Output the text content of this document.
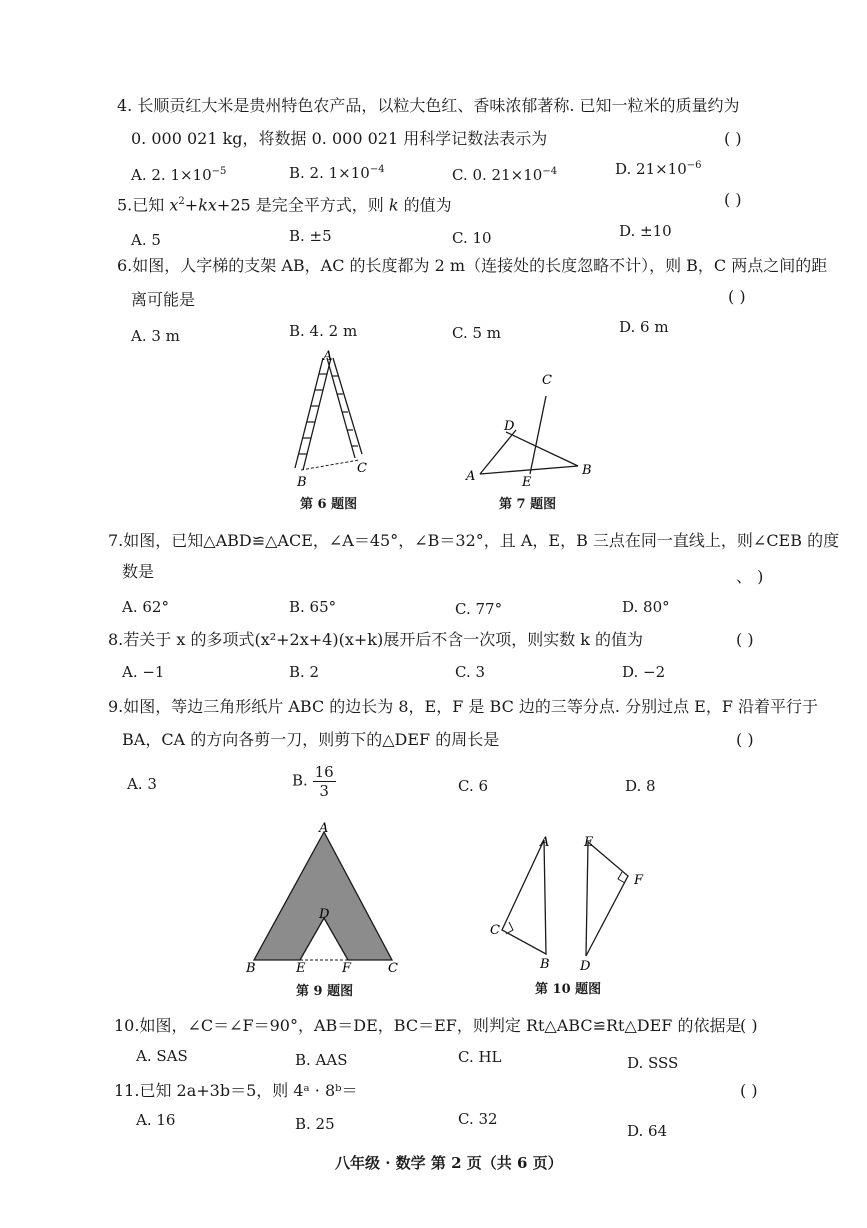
4. 长顺贡红大米是贵州特色农产品，以粒大色红、香味浓郁著称. 已知一粒米的质量约为
0. 000 021 kg，将数据 0. 000 021 用科学记数法表示为	( )
A. 2. $1\times 10^{-5}$	B. 2. $1\times 10^{-4}$	C. 0. $21\times 10^{-4}$	D. $21\times 10^{-6}$
5.已知 $x^2+kx+25$ 是完全平方式，则 k 的值为	( )
A. 5	B. ±5	C. 10	D. ±10
6.如图，人字梯的支架 AB，AC 的长度都为 2 m（连接处的长度忽略不计），则 B，C 两点之间的距
离可能是	( )
A. 3 m	B. 4. 2 m	C. 5 m	D. 6 m
A
B
C
第 6 题图
C
D
A	E
B
第 7 题图
7.如图，已知△ABD≌△ACE，∠A＝45°，∠B＝32°，且 A，E，B 三点在同一直线上，则∠CEB 的度
数是	、 )
A. 62°	B. 65°	C. 77°	D. 80°
8.若关于 x 的多项式(x²+2x+4)(x+k)展开后不含一次项，则实数 k 的值为	( )
A. −1	B. 2	C. 3	D. −2
9.如图，等边三角形纸片 ABC 的边长为 8，E，F 是 BC 边的三等分点. 分别过点 E，F 沿着平行于
BA，CA 的方向各剪一刀，则剪下的△DEF 的周长是	( )
A. 3	B. $\frac{16}{3}$	C. 6	D. 8
A
D
B	E	F	C
第 9 题图
A
C
B
E
F
D
第 10 题图
10.如图，∠C＝∠F＝90°，AB＝DE，BC＝EF，则判定 Rt△ABC≌Rt△DEF 的依据是
( )
A. SAS	B. AAS	C. HL	D. SSS
11.已知 2a+3b＝5，则 4ᵃ · 8ᵇ＝	( )
A. 16	B. 25	C. 32
D. 64
八年级 · 数学 第 2 页（共 6 页）
